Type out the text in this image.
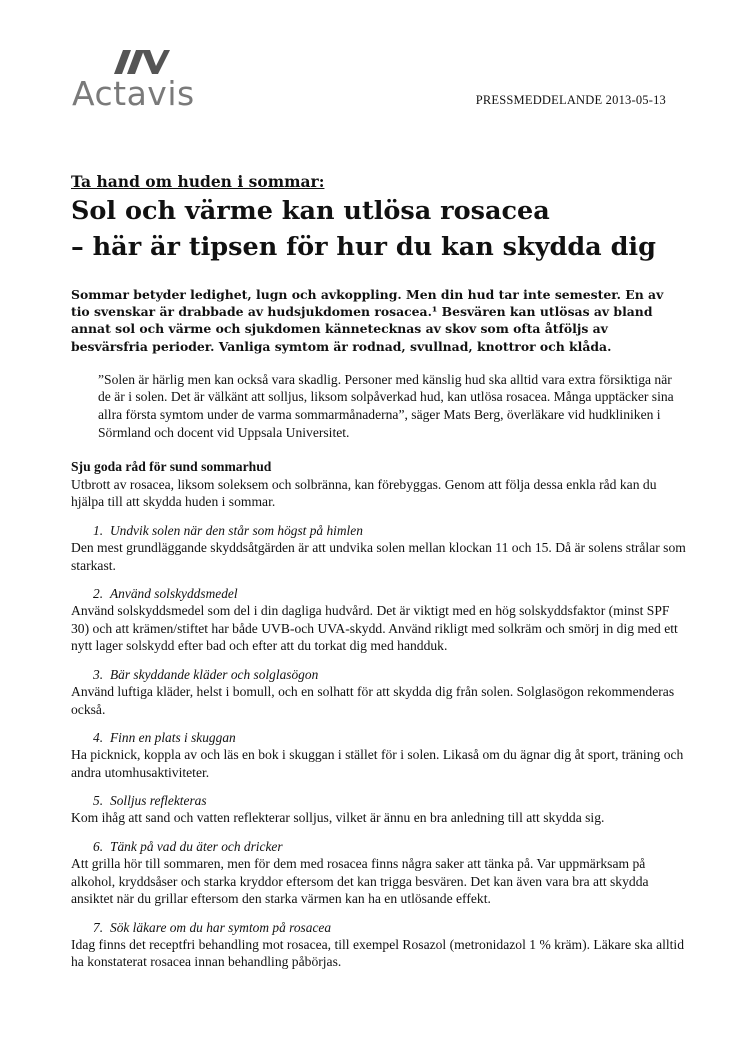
Actavis	PRESSMEDDELANDE 2013-05-13

Ta hand om huden i sommar:

Sol och värme kan utlösa rosacea
– här är tipsen för hur du kan skydda dig

Sommar betyder ledighet, lugn och avkoppling. Men din hud tar inte semester. En av tio svenskar är drabbade av hudsjukdomen rosacea.¹ Besvären kan utlösas av bland annat sol och värme och sjukdomen kännetecknas av skov som ofta åtföljs av besvärsfria perioder. Vanliga symtom är rodnad, svullnad, knottror och klåda.

”Solen är härlig men kan också vara skadlig. Personer med känslig hud ska alltid vara extra försiktiga när de är i solen. Det är välkänt att solljus, liksom solpåverkad hud, kan utlösa rosacea. Många upptäcker sina allra första symtom under de varma sommarmånaderna”, säger Mats Berg, överläkare vid hudkliniken i Sörmland och docent vid Uppsala Universitet.

Sju goda råd för sund sommarhud

Utbrott av rosacea, liksom soleksem och solbränna, kan förebyggas. Genom att följa dessa enkla råd kan du hjälpa till att skydda huden i sommar.

1. Undvik solen när den står som högst på himlen

Den mest grundläggande skyddsåtgärden är att undvika solen mellan klockan 11 och 15. Då är solens strålar som starkast.

2. Använd solskyddsmedel

Använd solskyddsmedel som del i din dagliga hudvård. Det är viktigt med en hög solskyddsfaktor (minst SPF 30) och att krämen/stiftet har både UVB-och UVA-skydd. Använd rikligt med solkräm och smörj in dig med ett nytt lager solskydd efter bad och efter att du torkat dig med handduk.

3. Bär skyddande kläder och solglasögon

Använd luftiga kläder, helst i bomull, och en solhatt för att skydda dig från solen. Solglasögon rekommenderas också.

4. Finn en plats i skuggan

Ha picknick, koppla av och läs en bok i skuggan i stället för i solen. Likaså om du ägnar dig åt sport, träning och andra utomhusaktiviteter.

5. Solljus reflekteras

Kom ihåg att sand och vatten reflekterar solljus, vilket är ännu en bra anledning till att skydda sig.

6. Tänk på vad du äter och dricker

Att grilla hör till sommaren, men för dem med rosacea finns några saker att tänka på. Var uppmärksam på alkohol, kryddsåser och starka kryddor eftersom det kan trigga besvären. Det kan även vara bra att skydda ansiktet när du grillar eftersom den starka värmen kan ha en utlösande effekt.

7. Sök läkare om du har symtom på rosacea

Idag finns det receptfri behandling mot rosacea, till exempel Rosazol (metronidazol 1 % kräm). Läkare ska alltid ha konstaterat rosacea innan behandling påbörjas.
